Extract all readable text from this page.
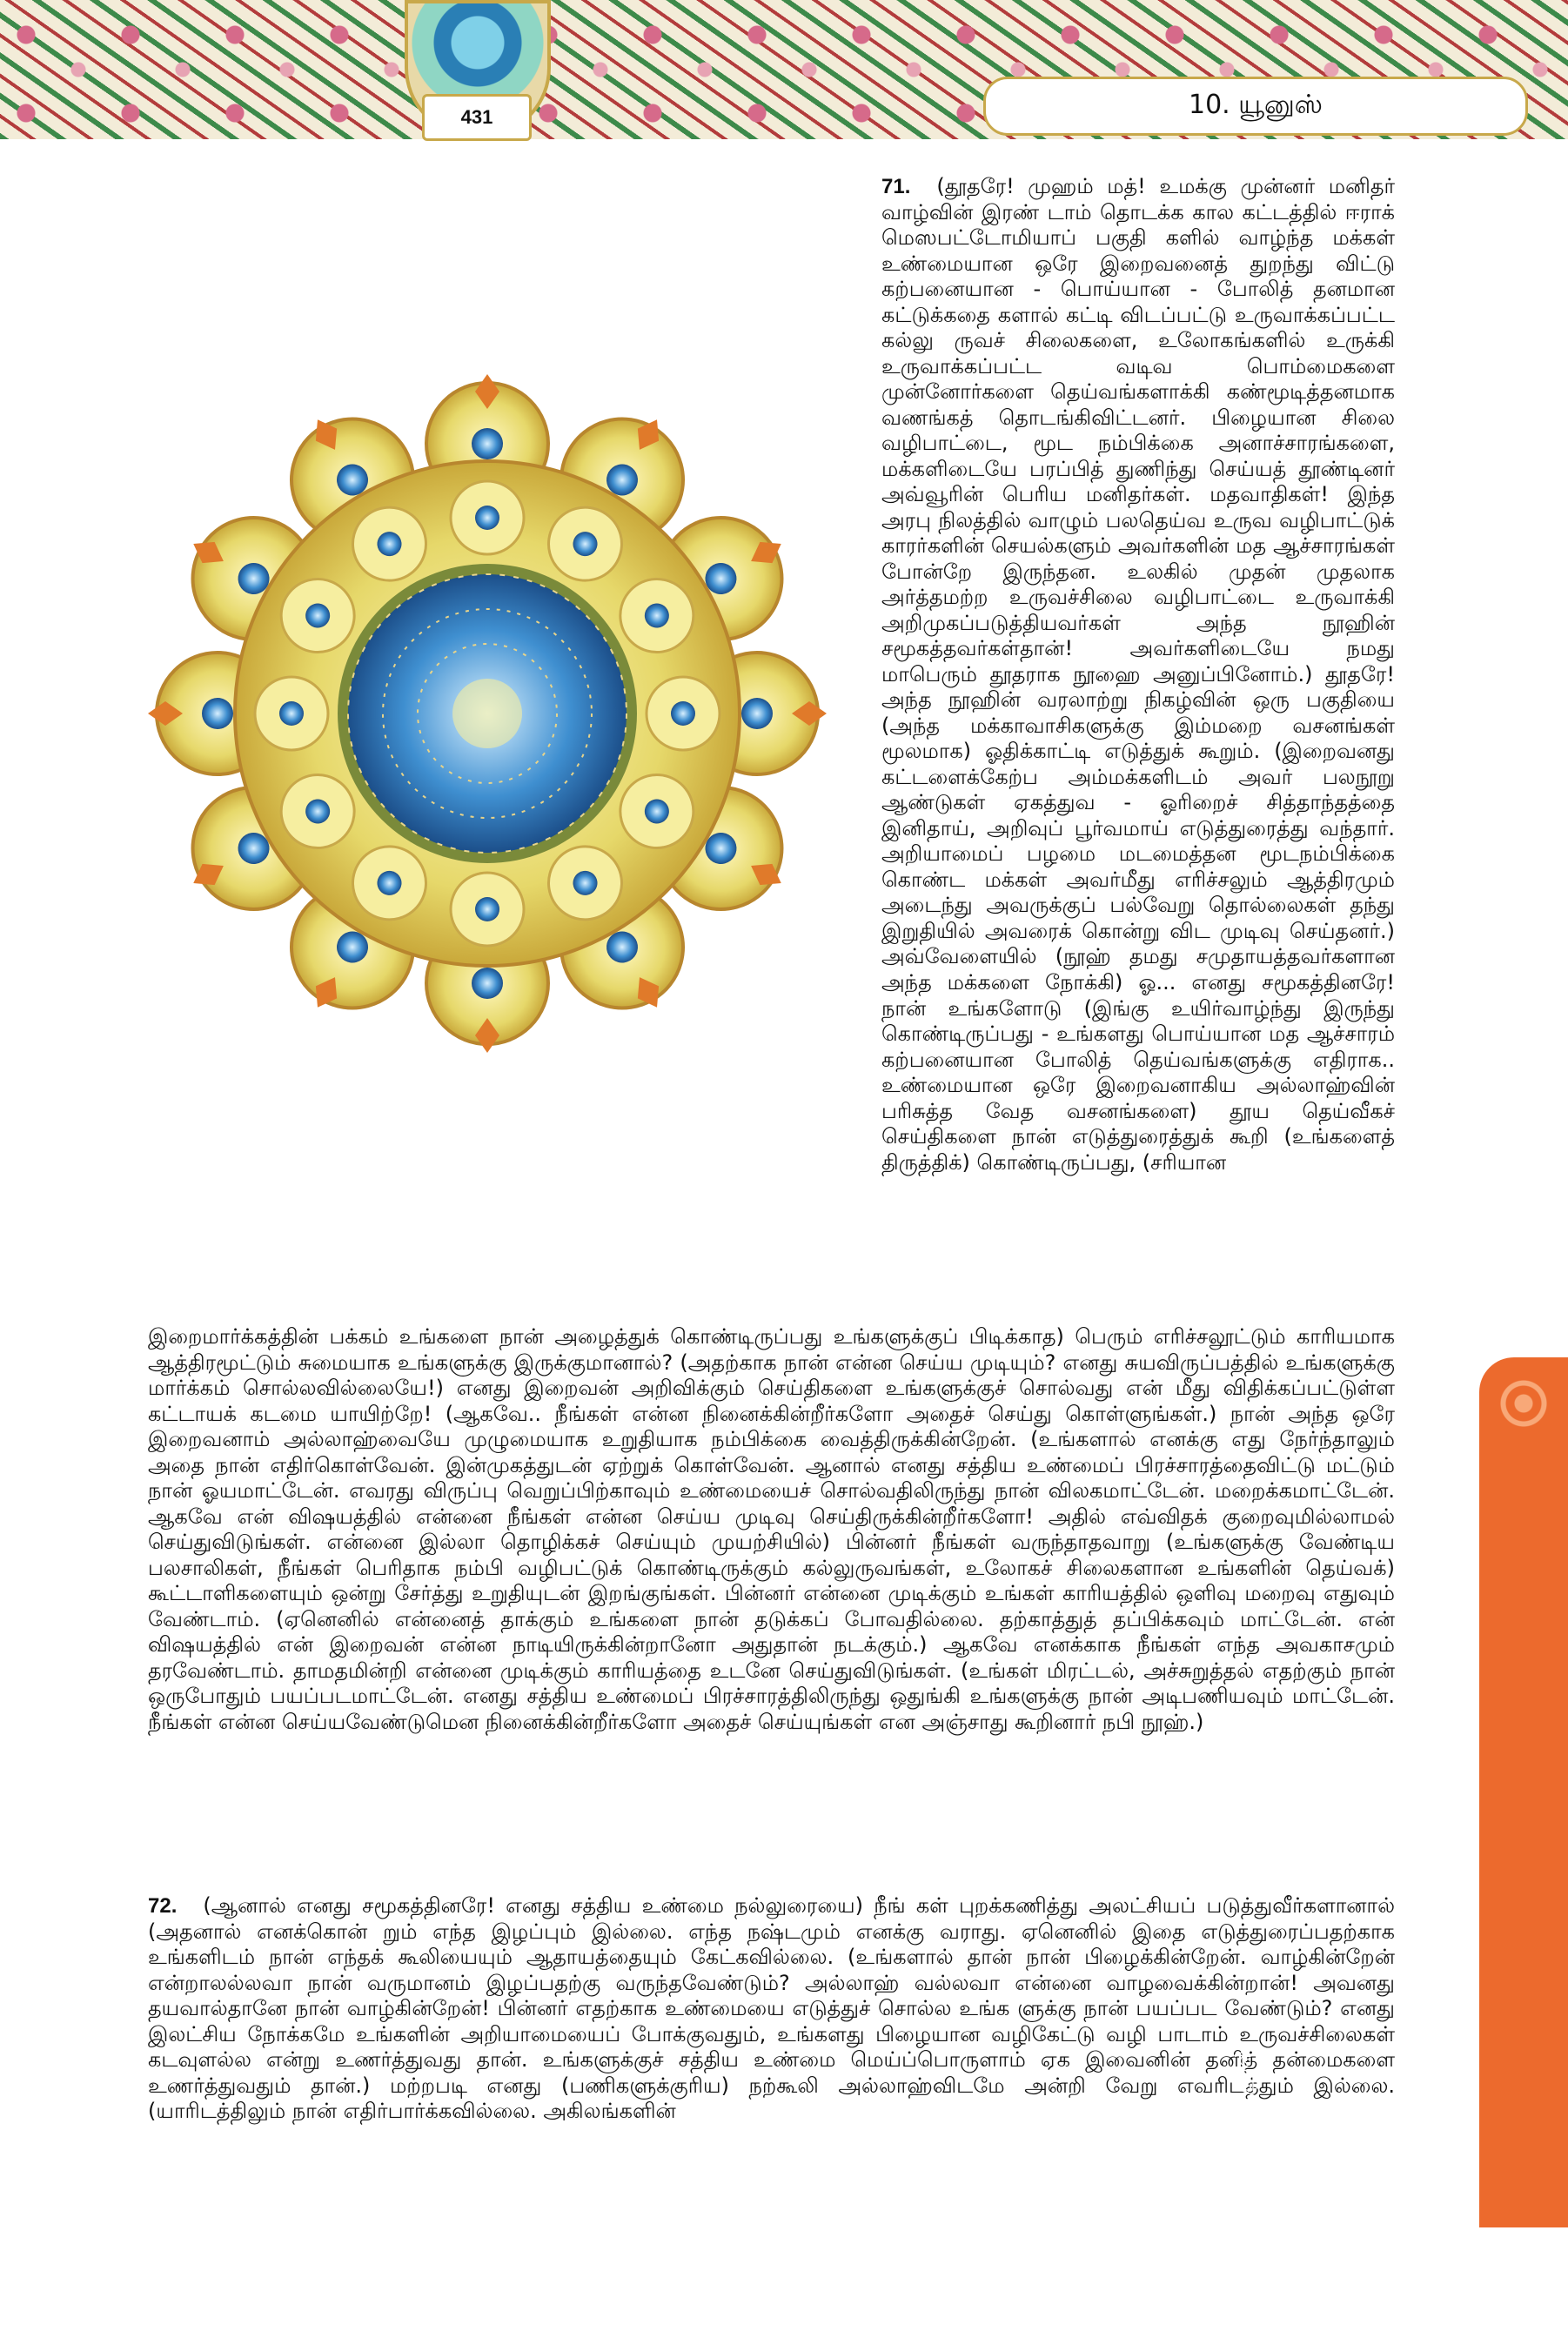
431	10. யூனுஸ்

71. (தூதரே! முஹம் மத்! உமக்கு முன்னர் மனிதர் வாழ்வின் இரண் டாம் தொடக்க கால கட்டத்தில் ஈராக் மெஸபட்டோமியாப் பகுதி களில் வாழ்ந்த மக்கள் உண்மையான ஒரே இறைவனைத் துறந்து விட்டு கற்பனையான - பொய்யான - போலித் தனமான கட்டுக்கதை களால் கட்டி விடப்பட்டு உருவாக்கப்பட்ட கல்லு ருவச் சிலைகளை, உலோகங்களில் உருக்கி உருவாக்கப்பட்ட வடிவ பொம்மைகளை முன்னோர்களை தெய்வங்களாக்கி கண்மூடித்தனமாக வணங்கத் தொடங்கிவிட்டனர். பிழையான சிலை வழிபாட்டை, மூட நம்பிக்கை அனாச்சாரங்களை, மக்களிடையே பரப்பித் துணிந்து செய்யத் தூண்டினர் அவ்வூரின் பெரிய மனிதர்கள். மதவாதிகள்! இந்த அரபு நிலத்தில் வாழும் பலதெய்வ உருவ வழிபாட்டுக் காரர்களின் செயல்களும் அவர்களின் மத ஆச்சாரங்கள் போன்றே இருந்தன. உலகில் முதன் முதலாக அர்த்தமற்ற உருவச்சிலை வழிபாட்டை உருவாக்கி அறிமுகப்படுத்தியவர்கள் அந்த நூஹின் சமூகத்தவர்கள்தான்! அவர்களிடையே நமது மாபெரும் தூதராக நூஹை அனுப்பினோம்.) தூதரே! அந்த நூஹின் வரலாற்று நிகழ்வின் ஒரு பகுதியை (அந்த மக்காவாசிகளுக்கு இம்மறை வசனங்கள் மூலமாக) ஓதிக்காட்டி எடுத்துக் கூறும். (இறைவனது கட்டளைக்கேற்ப அம்மக்களிடம் அவர் பலநூறு ஆண்டுகள் ஏகத்துவ - ஓரிறைச் சித்தாந்தத்தை இனிதாய், அறிவுப் பூர்வமாய் எடுத்துரைத்து வந்தார். அறியாமைப் பழமை மடமைத்தன மூடநம்பிக்கை கொண்ட மக்கள் அவர்மீது எரிச்சலும் ஆத்திரமும் அடைந்து அவருக்குப் பல்வேறு தொல்லைகள் தந்து இறுதியில் அவரைக் கொன்று விட முடிவு செய்தனர்.) அவ்வேளையில் (நூஹ் தமது சமுதாயத்தவர்களான அந்த மக்களை நோக்கி) ஓ... எனது சமூகத்தினரே! நான் உங்களோடு (இங்கு உயிர்வாழ்ந்து இருந்து கொண்டிருப்பது - உங்களது பொய்யான மத ஆச்சாரம் கற்பனையான போலித் தெய்வங்களுக்கு எதிராக.. உண்மையான ஒரே இறைவனாகிய அல்லாஹ்வின் பரிசுத்த வேத வசனங்களை) தூய தெய்வீகச் செய்திகளை நான் எடுத்துரைத்துக் கூறி (உங்களைத் திருத்திக்) கொண்டிருப்பது, (சரியான

இறைமார்க்கத்தின் பக்கம் உங்களை நான் அழைத்துக் கொண்டிருப்பது உங்களுக்குப் பிடிக்காத) பெரும் எரிச்சலூட்டும் காரியமாக ஆத்திரமூட்டும் சுமையாக உங்களுக்கு இருக்குமானால்? (அதற்காக நான் என்ன செய்ய முடியும்? எனது சுயவிருப்பத்தில் உங்களுக்கு மார்க்கம் சொல்லவில்லையே!) எனது இறைவன் அறிவிக்கும் செய்திகளை உங்களுக்குச் சொல்வது என் மீது விதிக்கப்பட்டுள்ள கட்டாயக் கடமை யாயிற்றே! (ஆகவே.. நீங்கள் என்ன நினைக்கின்றீர்களோ அதைச் செய்து கொள்ளுங்கள்.) நான் அந்த ஒரே இறைவனாம் அல்லாஹ்வையே முழுமையாக உறுதியாக நம்பிக்கை வைத்திருக்கின்றேன். (உங்களால் எனக்கு எது நேர்ந்தாலும் அதை நான் எதிர்கொள்வேன். இன்முகத்துடன் ஏற்றுக் கொள்வேன். ஆனால் எனது சத்திய உண்மைப் பிரச்சாரத்தைவிட்டு மட்டும் நான் ஓயமாட்டேன். எவரது விருப்பு வெறுப்பிற்காவும் உண்மையைச் சொல்வதிலிருந்து நான் விலகமாட்டேன். மறைக்கமாட்டேன். ஆகவே என் விஷயத்தில் என்னை நீங்கள் என்ன செய்ய முடிவு செய்திருக்கின்றீர்களோ! அதில் எவ்விதக் குறைவுமில்லாமல் செய்துவிடுங்கள். என்னை இல்லா தொழிக்கச் செய்யும் முயற்சியில்) பின்னர் நீங்கள் வருந்தாதவாறு (உங்களுக்கு வேண்டிய பலசாலிகள், நீங்கள் பெரிதாக நம்பி வழிபட்டுக் கொண்டிருக்கும் கல்லுருவங்கள், உலோகச் சிலைகளான உங்களின் தெய்வக்) கூட்டாளிகளையும் ஒன்று சேர்த்து உறுதியுடன் இறங்குங்கள். பின்னர் என்னை முடிக்கும் உங்கள் காரியத்தில் ஒளிவு மறைவு எதுவும் வேண்டாம். (ஏனெனில் என்னைத் தாக்கும் உங்களை நான் தடுக்கப் போவதில்லை. தற்காத்துத் தப்பிக்கவும் மாட்டேன். என் விஷயத்தில் என் இறைவன் என்ன நாடியிருக்கின்றானோ அதுதான் நடக்கும்.) ஆகவே எனக்காக நீங்கள் எந்த அவகாசமும் தரவேண்டாம். தாமதமின்றி என்னை முடிக்கும் காரியத்தை உடனே செய்துவிடுங்கள். (உங்கள் மிரட்டல், அச்சுறுத்தல் எதற்கும் நான் ஒருபோதும் பயப்படமாட்டேன். எனது சத்திய உண்மைப் பிரச்சாரத்திலிருந்து ஒதுங்கி உங்களுக்கு நான் அடிபணியவும் மாட்டேன். நீங்கள் என்ன செய்யவேண்டுமென நினைக்கின்றீர்களோ அதைச் செய்யுங்கள் என அஞ்சாது கூறினார் நபி நூஹ்.)

72. (ஆனால் எனது சமூகத்தினரே! எனது சத்திய உண்மை நல்லுரையை) நீங் கள் புறக்கணித்து அலட்சியப் படுத்துவீர்களானால் (அதனால் எனக்கொன் றும் எந்த இழப்பும் இல்லை. எந்த நஷ்டமும் எனக்கு வராது. ஏனெனில் இதை எடுத்துரைப்பதற்காக உங்களிடம் நான் எந்தக் கூலியையும் ஆதாயத்தையும் கேட்கவில்லை. (உங்களால் தான் நான் பிழைக்கின்றேன். வாழ்கின்றேன் என்றாலல்லவா நான் வருமானம் இழப்பதற்கு வருந்தவேண்டும்? அல்லாஹ் வல்லவா என்னை வாழவைக்கின்றான்! அவனது தயவால்தானே நான் வாழ்கின்றேன்! பின்னர் எதற்காக உண்மையை எடுத்துச் சொல்ல உங்க ளுக்கு நான் பயப்பட வேண்டும்? எனது இலட்சிய நோக்கமே உங்களின் அறியாமையைப் போக்குவதும், உங்களது பிழையான வழிகேட்டு வழி பாடாம் உருவச்சிலைகள் கடவுளல்ல என்று உணர்த்துவது தான். உங்களுக்குச் சத்திய உண்மை மெய்ப்பொருளாம் ஏக இவைனின் தனித் தன்மைகளை உணர்த்துவதும் தான்.) மற்றபடி எனது (பணிகளுக்குரிய) நற்கூலி அல்லாஹ்விடமே அன்றி வேறு எவரிடத்தும் இல்லை. (யாரிடத்திலும் நான் எதிர்பார்க்கவில்லை. அகிலங்களின்	அதிகாரம் 11 | 10 • யூனுஸ்
